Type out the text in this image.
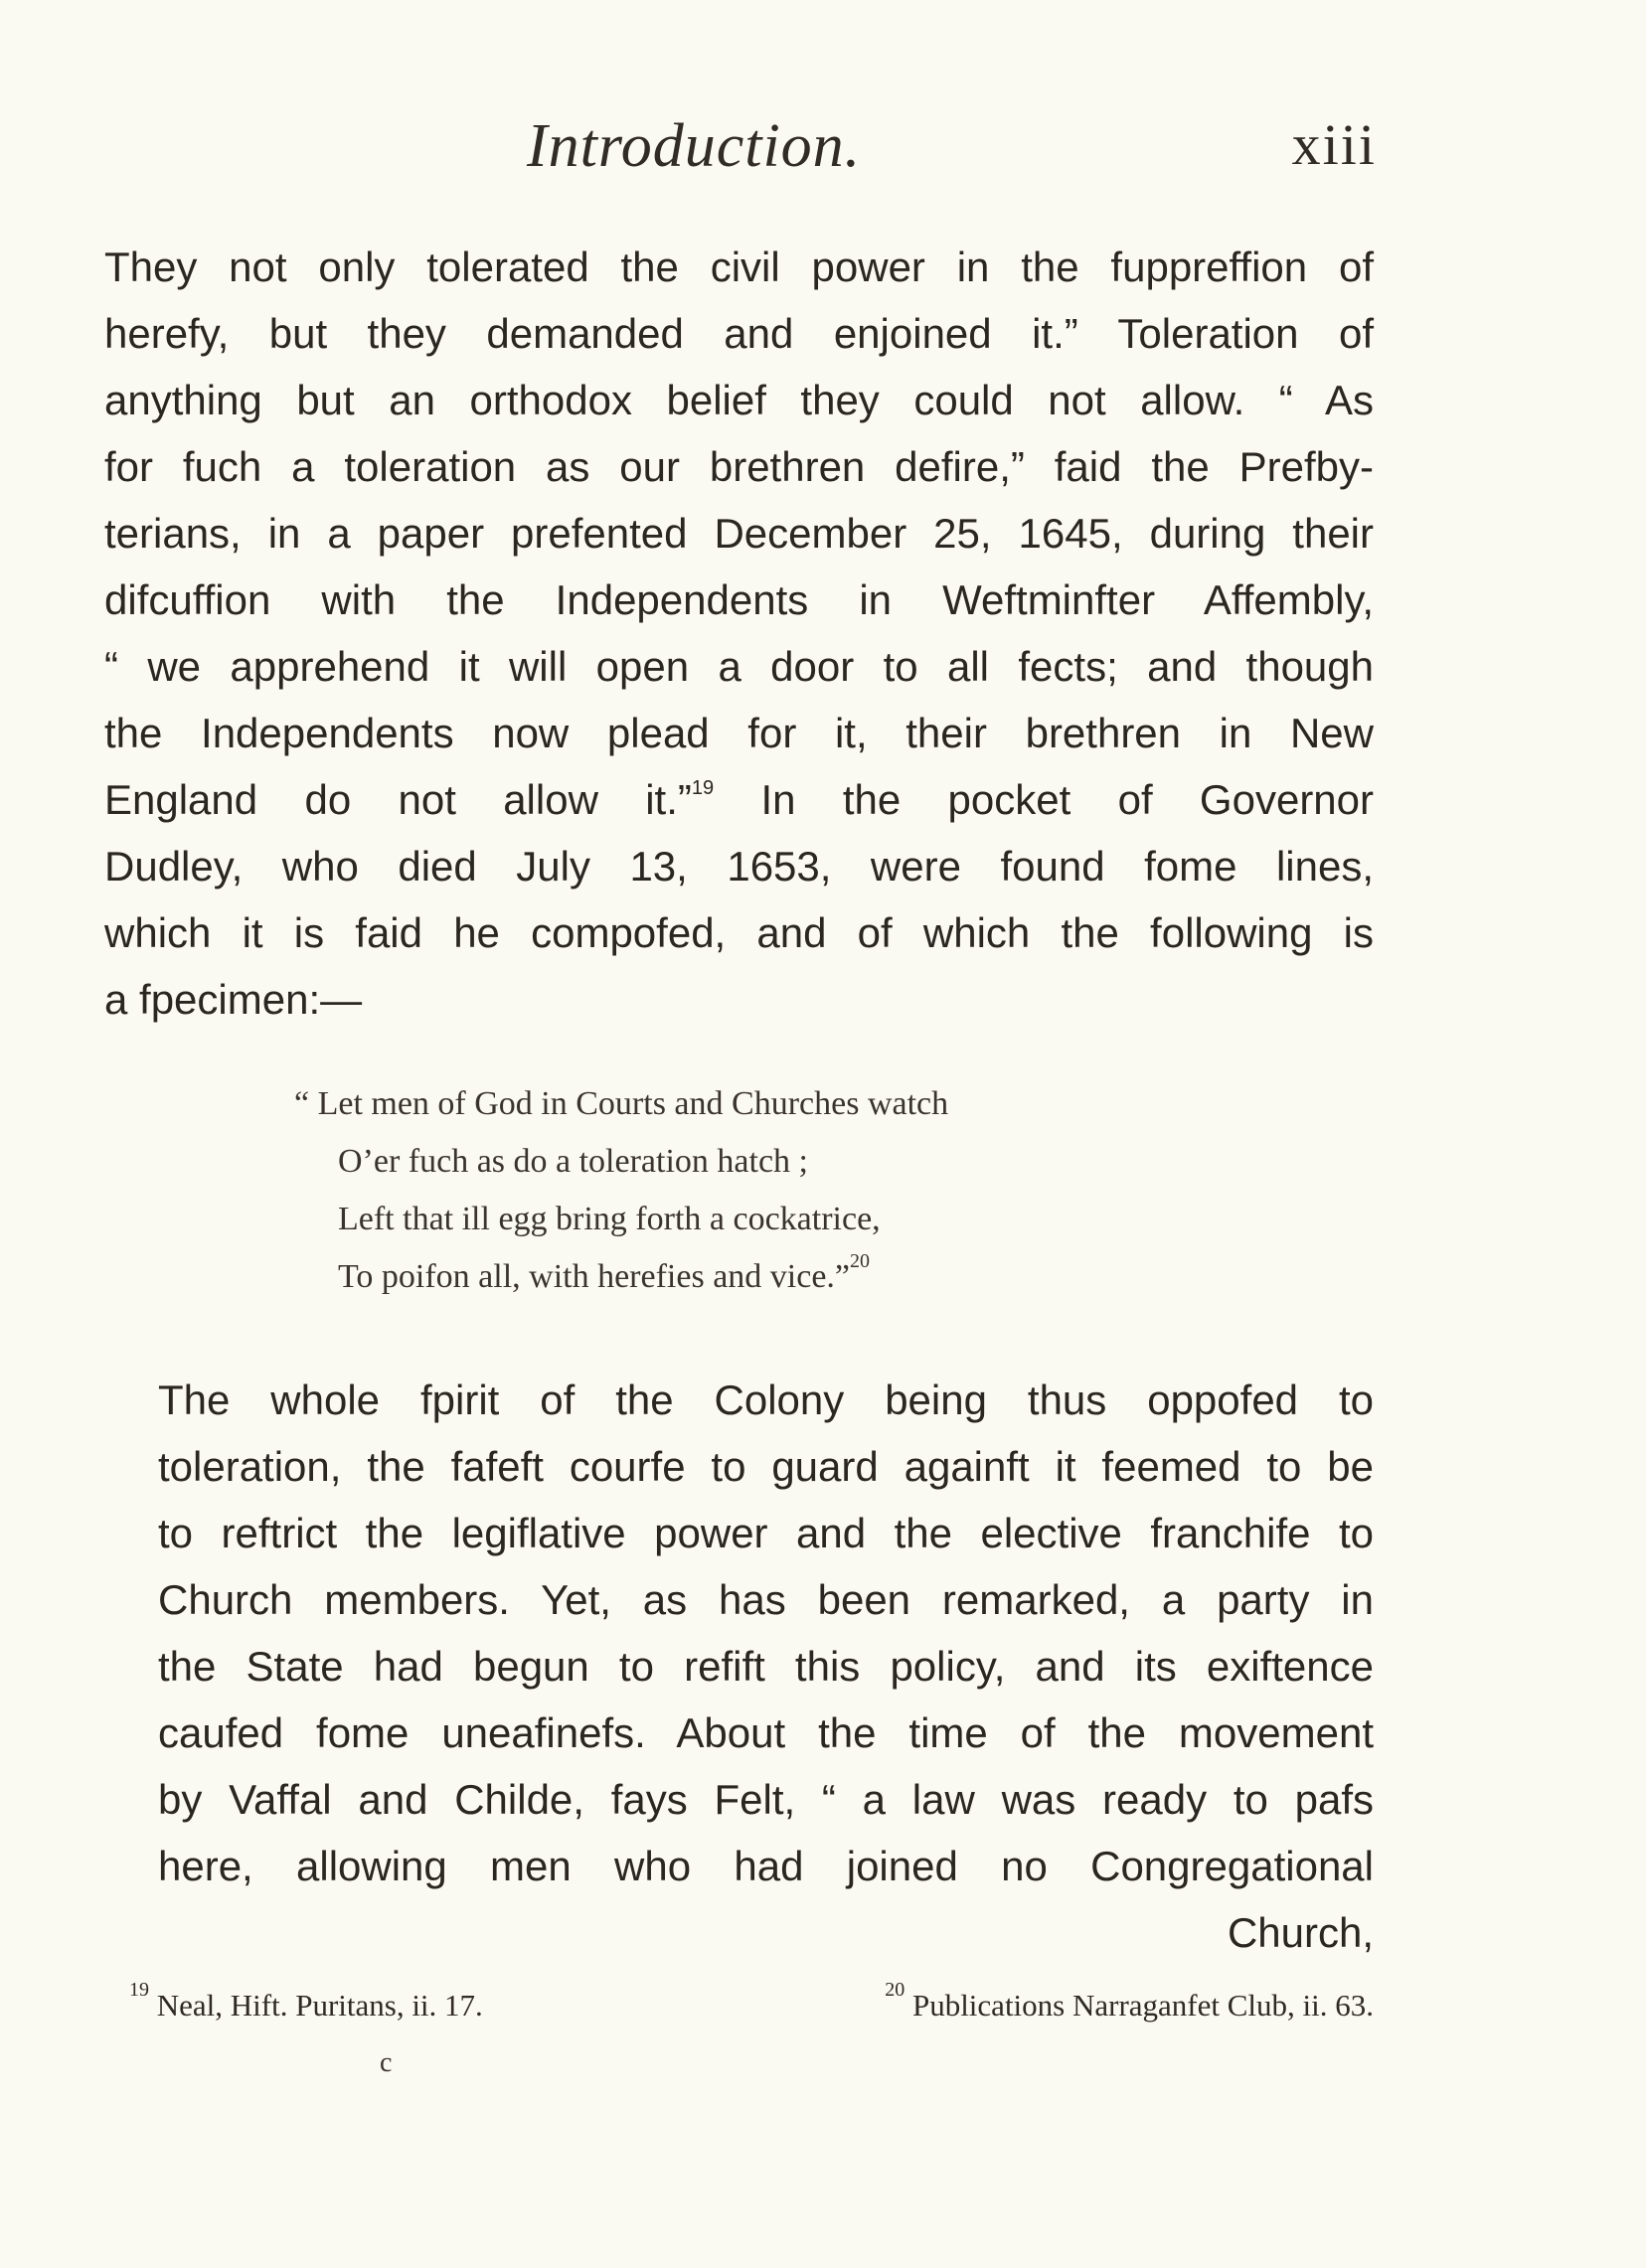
Introduction.	xiii
They not only tolerated the civil power in the fuppreffion of
herefy, but they demanded and enjoined it.” Toleration of
anything but an orthodox belief they could not allow. “ As
for fuch a toleration as our brethren defire,” faid the Prefby-
terians, in a paper prefented December 25, 1645, during their
difcuffion with the Independents in Weftminfter Affembly,
“ we apprehend it will open a door to all fects; and though
the Independents now plead for it, their brethren in New
England do not allow it.”$^{19}$ In the pocket of Governor
Dudley, who died July 13, 1653, were found fome lines,
which it is faid he compofed, and of which the following is
a fpecimen:—
“ Let men of God in Courts and Churches watch
O’er fuch as do a toleration hatch ;
Left that ill egg bring forth a cockatrice,
To poifon all, with herefies and vice.”$^{20}$
The whole fpirit of the Colony being thus oppofed to
toleration, the fafeft courfe to guard againft it feemed to be
to reftrict the legiflative power and the elective franchife to
Church members. Yet, as has been remarked, a party in
the State had begun to refift this policy, and its exiftence
caufed fome uneafinefs. About the time of the movement
by Vaffal and Childe, fays Felt, “ a law was ready to pafs
here, allowing men who had joined no Congregational
Church,
$^{19}$ Neal, Hift. Puritans, ii. 17.	$^{20}$ Publications Narraganfet Club, ii. 63.
c
